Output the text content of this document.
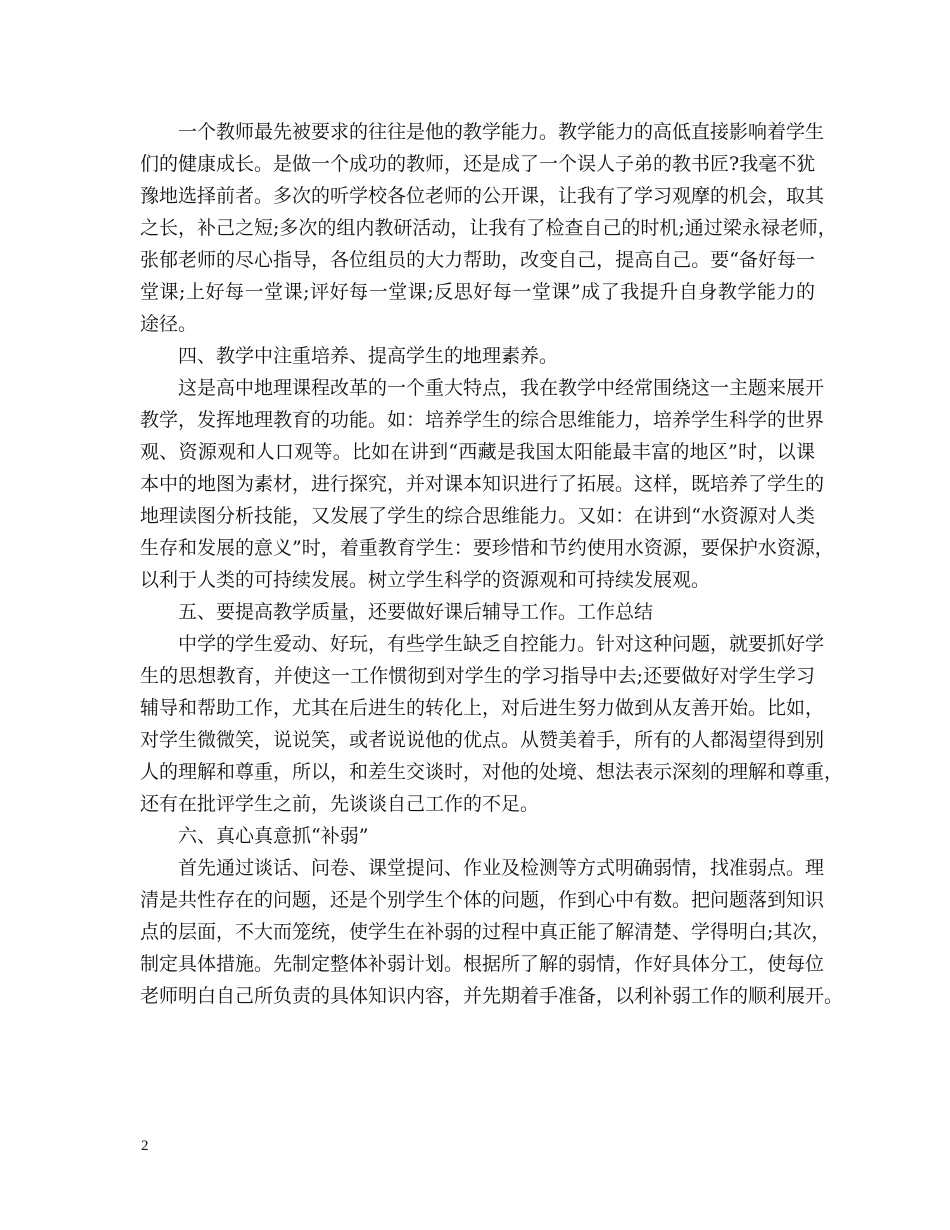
一个教师最先被要求的往往是他的教学能力。教学能力的高低直接影响着学生
们的健康成长。是做一个成功的教师，还是成了一个误人子弟的教书匠?我毫不犹
豫地选择前者。多次的听学校各位老师的公开课，让我有了学习观摩的机会，取其
之长，补己之短;多次的组内教研活动，让我有了检查自己的时机;通过梁永禄老师，
张郁老师的尽心指导，各位组员的大力帮助，改变自己，提高自己。要“备好每一
堂课;上好每一堂课;评好每一堂课;反思好每一堂课”成了我提升自身教学能力的
途径。
四、教学中注重培养、提高学生的地理素养。
这是高中地理课程改革的一个重大特点，我在教学中经常围绕这一主题来展开
教学，发挥地理教育的功能。如：培养学生的综合思维能力，培养学生科学的世界
观、资源观和人口观等。比如在讲到“西藏是我国太阳能最丰富的地区”时，以课
本中的地图为素材，进行探究，并对课本知识进行了拓展。这样，既培养了学生的
地理读图分析技能，又发展了学生的综合思维能力。又如：在讲到“水资源对人类
生存和发展的意义”时，着重教育学生：要珍惜和节约使用水资源，要保护水资源，
以利于人类的可持续发展。树立学生科学的资源观和可持续发展观。
五、要提高教学质量，还要做好课后辅导工作。工作总结
中学的学生爱动、好玩，有些学生缺乏自控能力。针对这种问题，就要抓好学
生的思想教育，并使这一工作惯彻到对学生的学习指导中去;还要做好对学生学习
辅导和帮助工作，尤其在后进生的转化上，对后进生努力做到从友善开始。比如，
对学生微微笑，说说笑，或者说说他的优点。从赞美着手，所有的人都渴望得到别
人的理解和尊重，所以，和差生交谈时，对他的处境、想法表示深刻的理解和尊重，
还有在批评学生之前，先谈谈自己工作的不足。
六、真心真意抓“补弱”
首先通过谈话、问卷、课堂提问、作业及检测等方式明确弱情，找准弱点。理
清是共性存在的问题，还是个别学生个体的问题，作到心中有数。把问题落到知识
点的层面，不大而笼统，使学生在补弱的过程中真正能了解清楚、学得明白;其次，
制定具体措施。先制定整体补弱计划。根据所了解的弱情，作好具体分工，使每位
老师明白自己所负责的具体知识内容，并先期着手准备，以利补弱工作的顺利展开。
2
